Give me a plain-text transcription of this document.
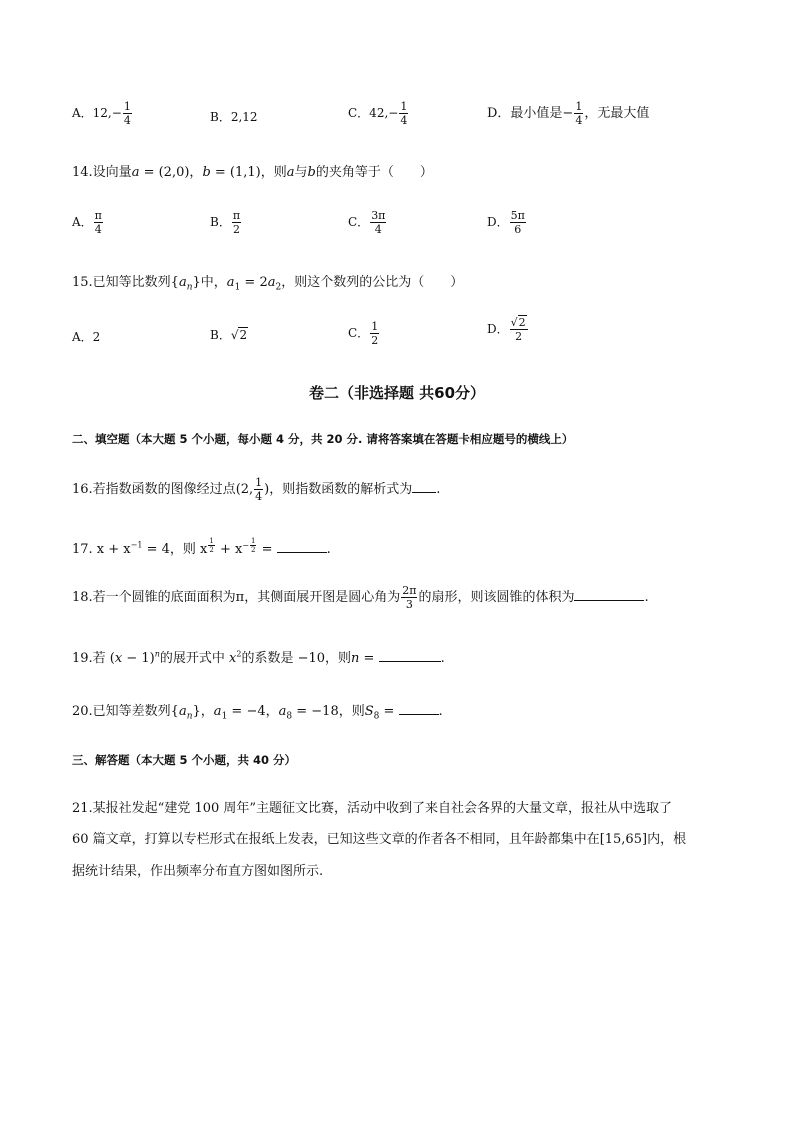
A．$12,- \frac{1}{4}$	B．2,12	C．$42,- \frac{1}{4}$	D．最小值是− $\frac{1}{4}$ ，无最大值
14.设向量a = (2,0)，b = (1,1)，则a与b的夹角等于（　　）
A． $\frac{\pi}{4}$	B． $\frac{\pi}{2}$	C． $\frac{3\pi}{4}$	D． $\frac{5\pi}{6}$
15.已知等比数列$\{a_n\}$中，$a_1 = 2a_2$，则这个数列的公比为（　　）
A．2	B．√2	C． $\frac{1}{2}$	D． $\frac{√2}{2}$
卷二（非选择题 共60分）
二、填空题（本大题 5 个小题，每小题 4 分，共 20 分. 请将答案填在答题卡相应题号的横线上）
16.若指数函数的图像经过点(2, $\frac{1}{4}$ )，则指数函数的解析式为 .
17. $x + x^{-1} = 4$，则 x $^{\frac{1}{2}} + x^{- \frac{1}{2}}$ =	.
18.若一个圆锥的底面面积为π，其侧面展开图是圆心角为 $\frac{2\pi}{3}$ 的扇形，则该圆锥的体积为	.
19.若 $(x - 1)^n$的展开式中 $x^2$的系数是 −10，则n =	.
20.已知等差数列$\{a_n\}$，$a_1 = -4$，$a_8 = -18$，则$S_8$ =	.
三、解答题（本大题 5 个小题，共 40 分）
21.某报社发起“建党 100 周年”主题征文比赛，活动中收到了来自社会各界的大量文章，报社从中选取了
60 篇文章，打算以专栏形式在报纸上发表，已知这些文章的作者各不相同，且年龄都集中在[15,65]内，根
据统计结果，作出频率分布直方图如图所示.
